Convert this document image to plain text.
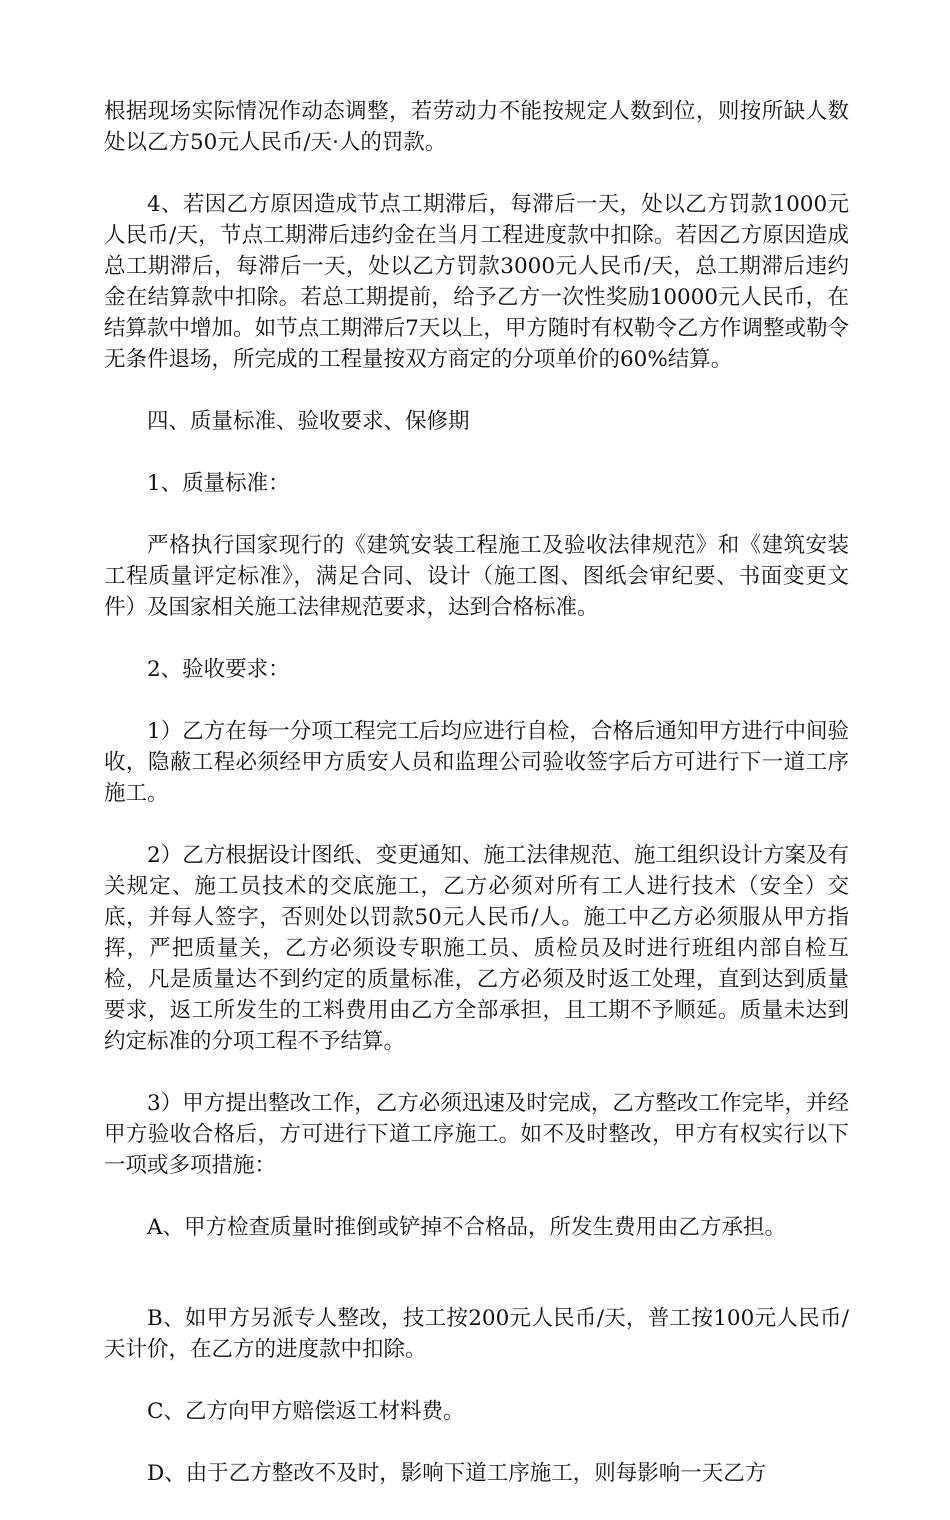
根据现场实际情况作动态调整，若劳动力不能按规定人数到位，则按所缺人数处以乙方50元人民币/天·人的罚款。

4、若因乙方原因造成节点工期滞后，每滞后一天，处以乙方罚款1000元人民币/天，节点工期滞后违约金在当月工程进度款中扣除。若因乙方原因造成总工期滞后，每滞后一天，处以乙方罚款3000元人民币/天，总工期滞后违约金在结算款中扣除。若总工期提前，给予乙方一次性奖励10000元人民币，在结算款中增加。如节点工期滞后7天以上，甲方随时有权勒令乙方作调整或勒令无条件退场，所完成的工程量按双方商定的分项单价的60%结算。

四、质量标准、验收要求、保修期

1、质量标准：

严格执行国家现行的《建筑安装工程施工及验收法律规范》和《建筑安装工程质量评定标准》，满足合同、设计（施工图、图纸会审纪要、书面变更文件）及国家相关施工法律规范要求，达到合格标准。

2、验收要求：

1）乙方在每一分项工程完工后均应进行自检，合格后通知甲方进行中间验收，隐蔽工程必须经甲方质安人员和监理公司验收签字后方可进行下一道工序施工。

2）乙方根据设计图纸、变更通知、施工法律规范、施工组织设计方案及有关规定、施工员技术的交底施工，乙方必须对所有工人进行技术（安全）交底，并每人签字，否则处以罚款50元人民币/人。施工中乙方必须服从甲方指挥，严把质量关，乙方必须设专职施工员、质检员及时进行班组内部自检互检，凡是质量达不到约定的质量标准，乙方必须及时返工处理，直到达到质量要求，返工所发生的工料费用由乙方全部承担，且工期不予顺延。质量未达到约定标准的分项工程不予结算。

3）甲方提出整改工作，乙方必须迅速及时完成，乙方整改工作完毕，并经甲方验收合格后，方可进行下道工序施工。如不及时整改，甲方有权实行以下一项或多项措施：

A、甲方检查质量时推倒或铲掉不合格品，所发生费用由乙方承担。

B、如甲方另派专人整改，技工按200元人民币/天，普工按100元人民币/天计价，在乙方的进度款中扣除。

C、乙方向甲方赔偿返工材料费。

D、由于乙方整改不及时，影响下道工序施工，则每影响一天乙方
